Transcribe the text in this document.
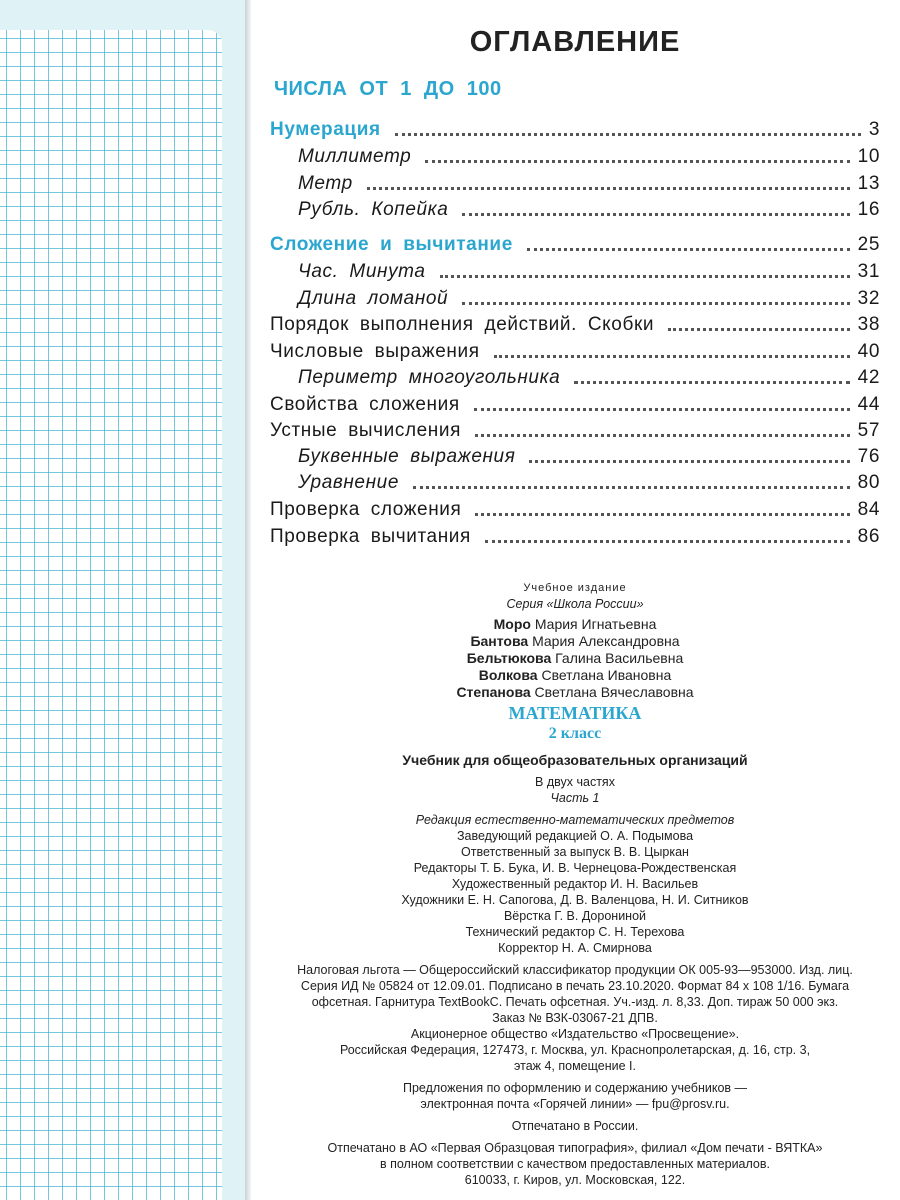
ОГЛАВЛЕНИЕ
ЧИСЛА ОТ 1 ДО 100
Нумерация	3
Миллиметр	10
Метр	13
Рубль. Копейка	16
Сложение и вычитание	25
Час. Минута	31
Длина ломаной	32
Порядок выполнения действий. Скобки	38
Числовые выражения	40
Периметр многоугольника	42
Свойства сложения	44
Устные вычисления	57
Буквенные выражения	76
Уравнение	80
Проверка сложения	84
Проверка вычитания	86
Учебное издание
Серия «Школа России»
Моро Мария Игнатьевна
Бантова Мария Александровна
Бельтюкова Галина Васильевна
Волкова Светлана Ивановна
Степанова Светлана Вячеславовна
МАТЕМАТИКА
2 класс
Учебник для общеобразовательных организаций
В двух частях
Часть 1
Редакция естественно-математических предметов
Заведующий редакцией О. А. Подымова
Ответственный за выпуск В. В. Цыркан
Редакторы Т. Б. Бука, И. В. Чернецова-Рождественская
Художественный редактор И. Н. Васильев
Художники Е. Н. Сапогова, Д. В. Валенцова, Н. И. Ситников
Вёрстка Г. В. Дорониной
Технический редактор С. Н. Терехова
Корректор Н. А. Смирнова
Налоговая льгота — Общероссийский классификатор продукции ОК 005-93—953000. Изд. лиц.
Серия ИД № 05824 от 12.09.01. Подписано в печать 23.10.2020. Формат 84 x 108 1/16. Бумага
офсетная. Гарнитура TextBookC. Печать офсетная. Уч.-изд. л. 8,33. Доп. тираж 50 000 экз.
Заказ № ВЗК-03067-21 ДПВ.
Акционерное общество «Издательство «Просвещение».
Российская Федерация, 127473, г. Москва, ул. Краснопролетарская, д. 16, стр. 3,
этаж 4, помещение I.
Предложения по оформлению и содержанию учебников —
электронная почта «Горячей линии» — fpu@prosv.ru.
Отпечатано в России.
Отпечатано в АО «Первая Образцовая типография», филиал «Дом печати - ВЯТКА»
в полном соответствии с качеством предоставленных материалов.
610033, г. Киров, ул. Московская, 122.
